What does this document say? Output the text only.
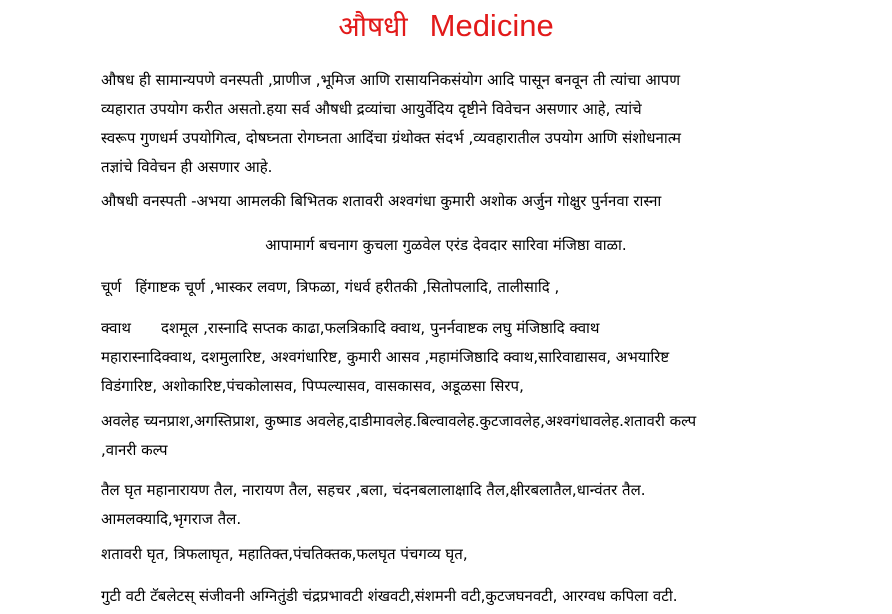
औषधी Medicine
औषध ही सामान्यपणे वनस्पती ,प्राणीज ,भूमिज आणि रासायनिकसंयोग आदि पासून बनवून ती त्यांचा आपण
व्यहारात उपयोग करीत असतो.हया सर्व औषधी द्रव्यांचा आयुर्वेदिय दृष्टीने विवेचन असणार आहे, त्यांचे
स्वरूप गुणधर्म उपयोगित्व, दोषघ्नता रोगघ्नता आदिंचा ग्रंथोक्त संदर्भ ,व्यवहारातील उपयोग आणि संशोधनात्म
तज्ञांचे विवेचन ही असणार आहे.
औषधी वनस्पती -अभया आमलकी बिभितक शतावरी अश्वगंधा कुमारी अशोक अर्जुन गोक्षुर पुर्ननवा रास्ना
आपामार्ग बचनाग कुचला गुळवेल एरंड देवदार सारिवा मंजिष्ठा वाळा.
चूर्ण हिंगाष्टक चूर्ण ,भास्कर लवण, त्रिफळा, गंधर्व हरीतकी ,सितोपलादि, तालीसादि ,
क्वाथ दशमूल ,रास्नादि सप्तक काढा,फलत्रिकादि क्वाथ, पुनर्नवाष्टक लघु मंजिष्ठादि क्वाथ
महारास्नादिक्वाथ, दशमुलारिष्ट, अश्वगंधारिष्ट, कुमारी आसव ,महामंजिष्ठादि क्वाथ,सारिवाद्यासव, अभयारिष्ट
विडंगारिष्ट, अशोकारिष्ट,पंचकोलासव, पिप्पल्यासव, वासकासव, अडूळसा सिरप,
अवलेह च्यनप्राश,अगस्तिप्राश, कुष्माड अवलेह,दाडीमावलेह.बिल्वावलेह.कुटजावलेह,अश्वगंधावलेह.शतावरी कल्प
,वानरी कल्प
तैल घृत महानारायण तैल, नारायण तैल, सहचर ,बला, चंदनबलालाक्षादि तैल,क्षीरबलातैल,धान्वंतर तैल.
आमलक्यादि,भृगराज तैल.
शतावरी घृत, त्रिफलाघृत, महातिक्त,पंचतिक्तक,फलघृत पंचगव्य घृत,
गुटी वटी टॅबलेटस् संजीवनी अग्नितुंडी चंद्रप्रभावटी शंखवटी,संशमनी वटी,कुटजघनवटी, आरग्वध कपिला वटी.
